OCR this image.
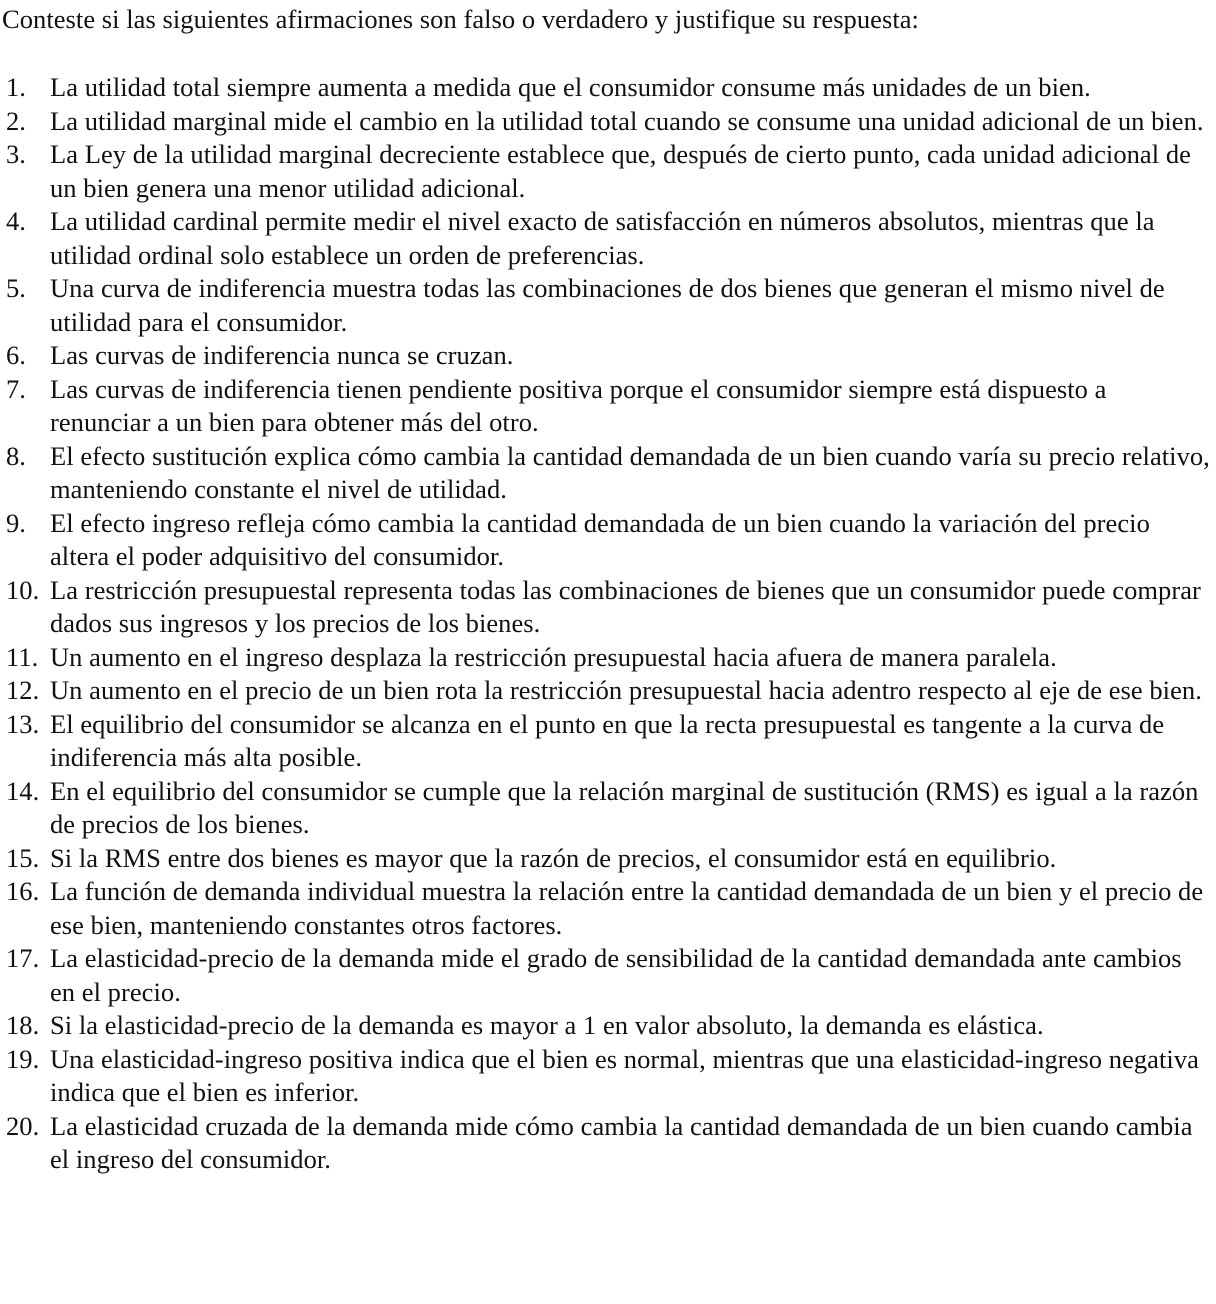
Conteste si las siguientes afirmaciones son falso o verdadero y justifique su respuesta:
1. La utilidad total siempre aumenta a medida que el consumidor consume más unidades de un bien.
2. La utilidad marginal mide el cambio en la utilidad total cuando se consume una unidad adicional de un bien.
3. La Ley de la utilidad marginal decreciente establece que, después de cierto punto, cada unidad adicional de un bien genera una menor utilidad adicional.
4. La utilidad cardinal permite medir el nivel exacto de satisfacción en números absolutos, mientras que la utilidad ordinal solo establece un orden de preferencias.
5. Una curva de indiferencia muestra todas las combinaciones de dos bienes que generan el mismo nivel de utilidad para el consumidor.
6. Las curvas de indiferencia nunca se cruzan.
7. Las curvas de indiferencia tienen pendiente positiva porque el consumidor siempre está dispuesto a renunciar a un bien para obtener más del otro.
8. El efecto sustitución explica cómo cambia la cantidad demandada de un bien cuando varía su precio relativo, manteniendo constante el nivel de utilidad.
9. El efecto ingreso refleja cómo cambia la cantidad demandada de un bien cuando la variación del precio altera el poder adquisitivo del consumidor.
10. La restricción presupuestal representa todas las combinaciones de bienes que un consumidor puede comprar dados sus ingresos y los precios de los bienes.
11. Un aumento en el ingreso desplaza la restricción presupuestal hacia afuera de manera paralela.
12. Un aumento en el precio de un bien rota la restricción presupuestal hacia adentro respecto al eje de ese bien.
13. El equilibrio del consumidor se alcanza en el punto en que la recta presupuestal es tangente a la curva de indiferencia más alta posible.
14. En el equilibrio del consumidor se cumple que la relación marginal de sustitución (RMS) es igual a la razón de precios de los bienes.
15. Si la RMS entre dos bienes es mayor que la razón de precios, el consumidor está en equilibrio.
16. La función de demanda individual muestra la relación entre la cantidad demandada de un bien y el precio de ese bien, manteniendo constantes otros factores.
17. La elasticidad-precio de la demanda mide el grado de sensibilidad de la cantidad demandada ante cambios en el precio.
18. Si la elasticidad-precio de la demanda es mayor a 1 en valor absoluto, la demanda es elástica.
19. Una elasticidad-ingreso positiva indica que el bien es normal, mientras que una elasticidad-ingreso negativa indica que el bien es inferior.
20. La elasticidad cruzada de la demanda mide cómo cambia la cantidad demandada de un bien cuando cambia el ingreso del consumidor.
